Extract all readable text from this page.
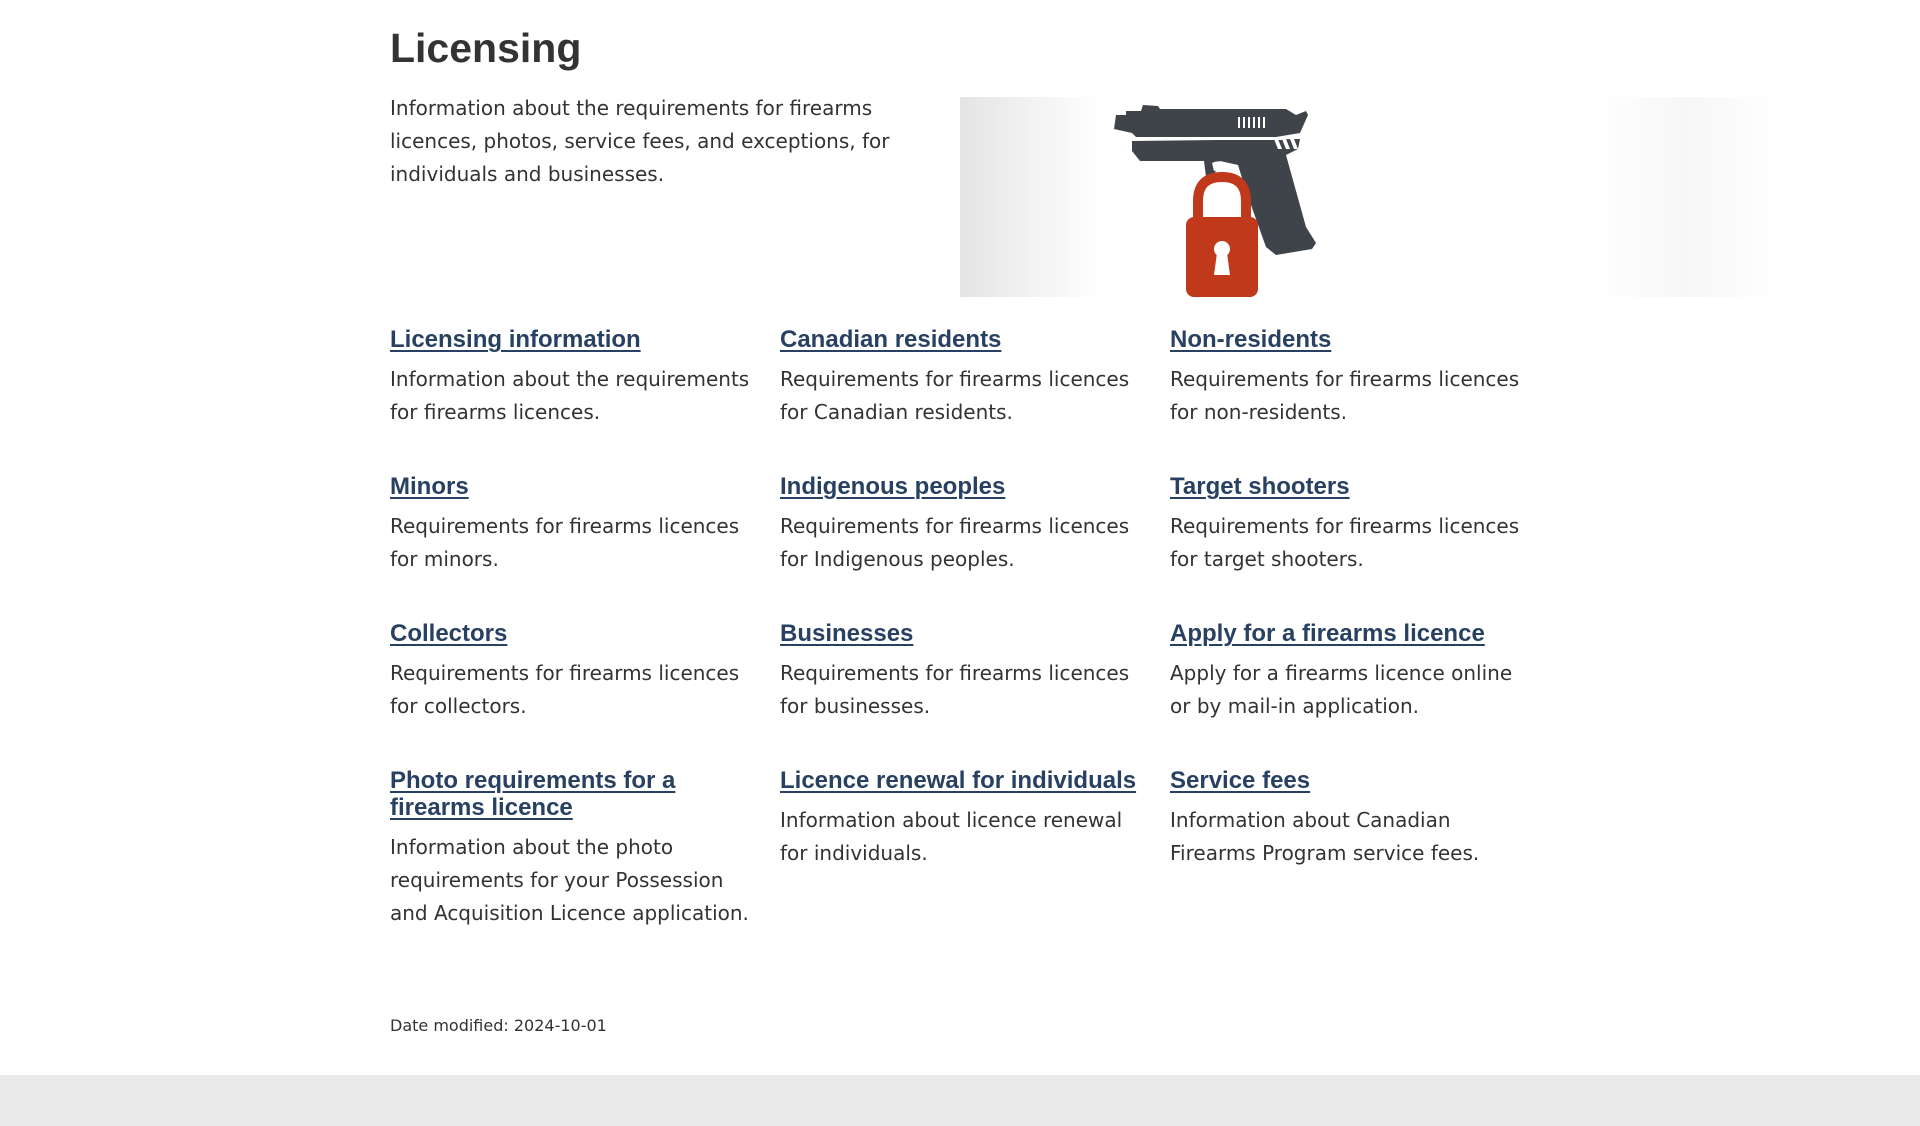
Licensing

Information about the requirements for firearms licences, photos, service fees, and exceptions, for individuals and businesses.

Licensing information

Information about the requirements for firearms licences.

Canadian residents

Requirements for firearms licences for Canadian residents.

Non-residents

Requirements for firearms licences for non-residents.

Minors

Requirements for firearms licences for minors.

Indigenous peoples

Requirements for firearms licences for Indigenous peoples.

Target shooters

Requirements for firearms licences for target shooters.

Collectors

Requirements for firearms licences for collectors.

Businesses

Requirements for firearms licences for businesses.

Apply for a firearms licence

Apply for a firearms licence online or by mail-in application.

Photo requirements for a firearms licence

Information about the photo requirements for your Possession and Acquisition Licence application.

Licence renewal for individuals

Information about licence renewal for individuals.

Service fees

Information about Canadian Firearms Program service fees.

Date modified: 2024-10-01
